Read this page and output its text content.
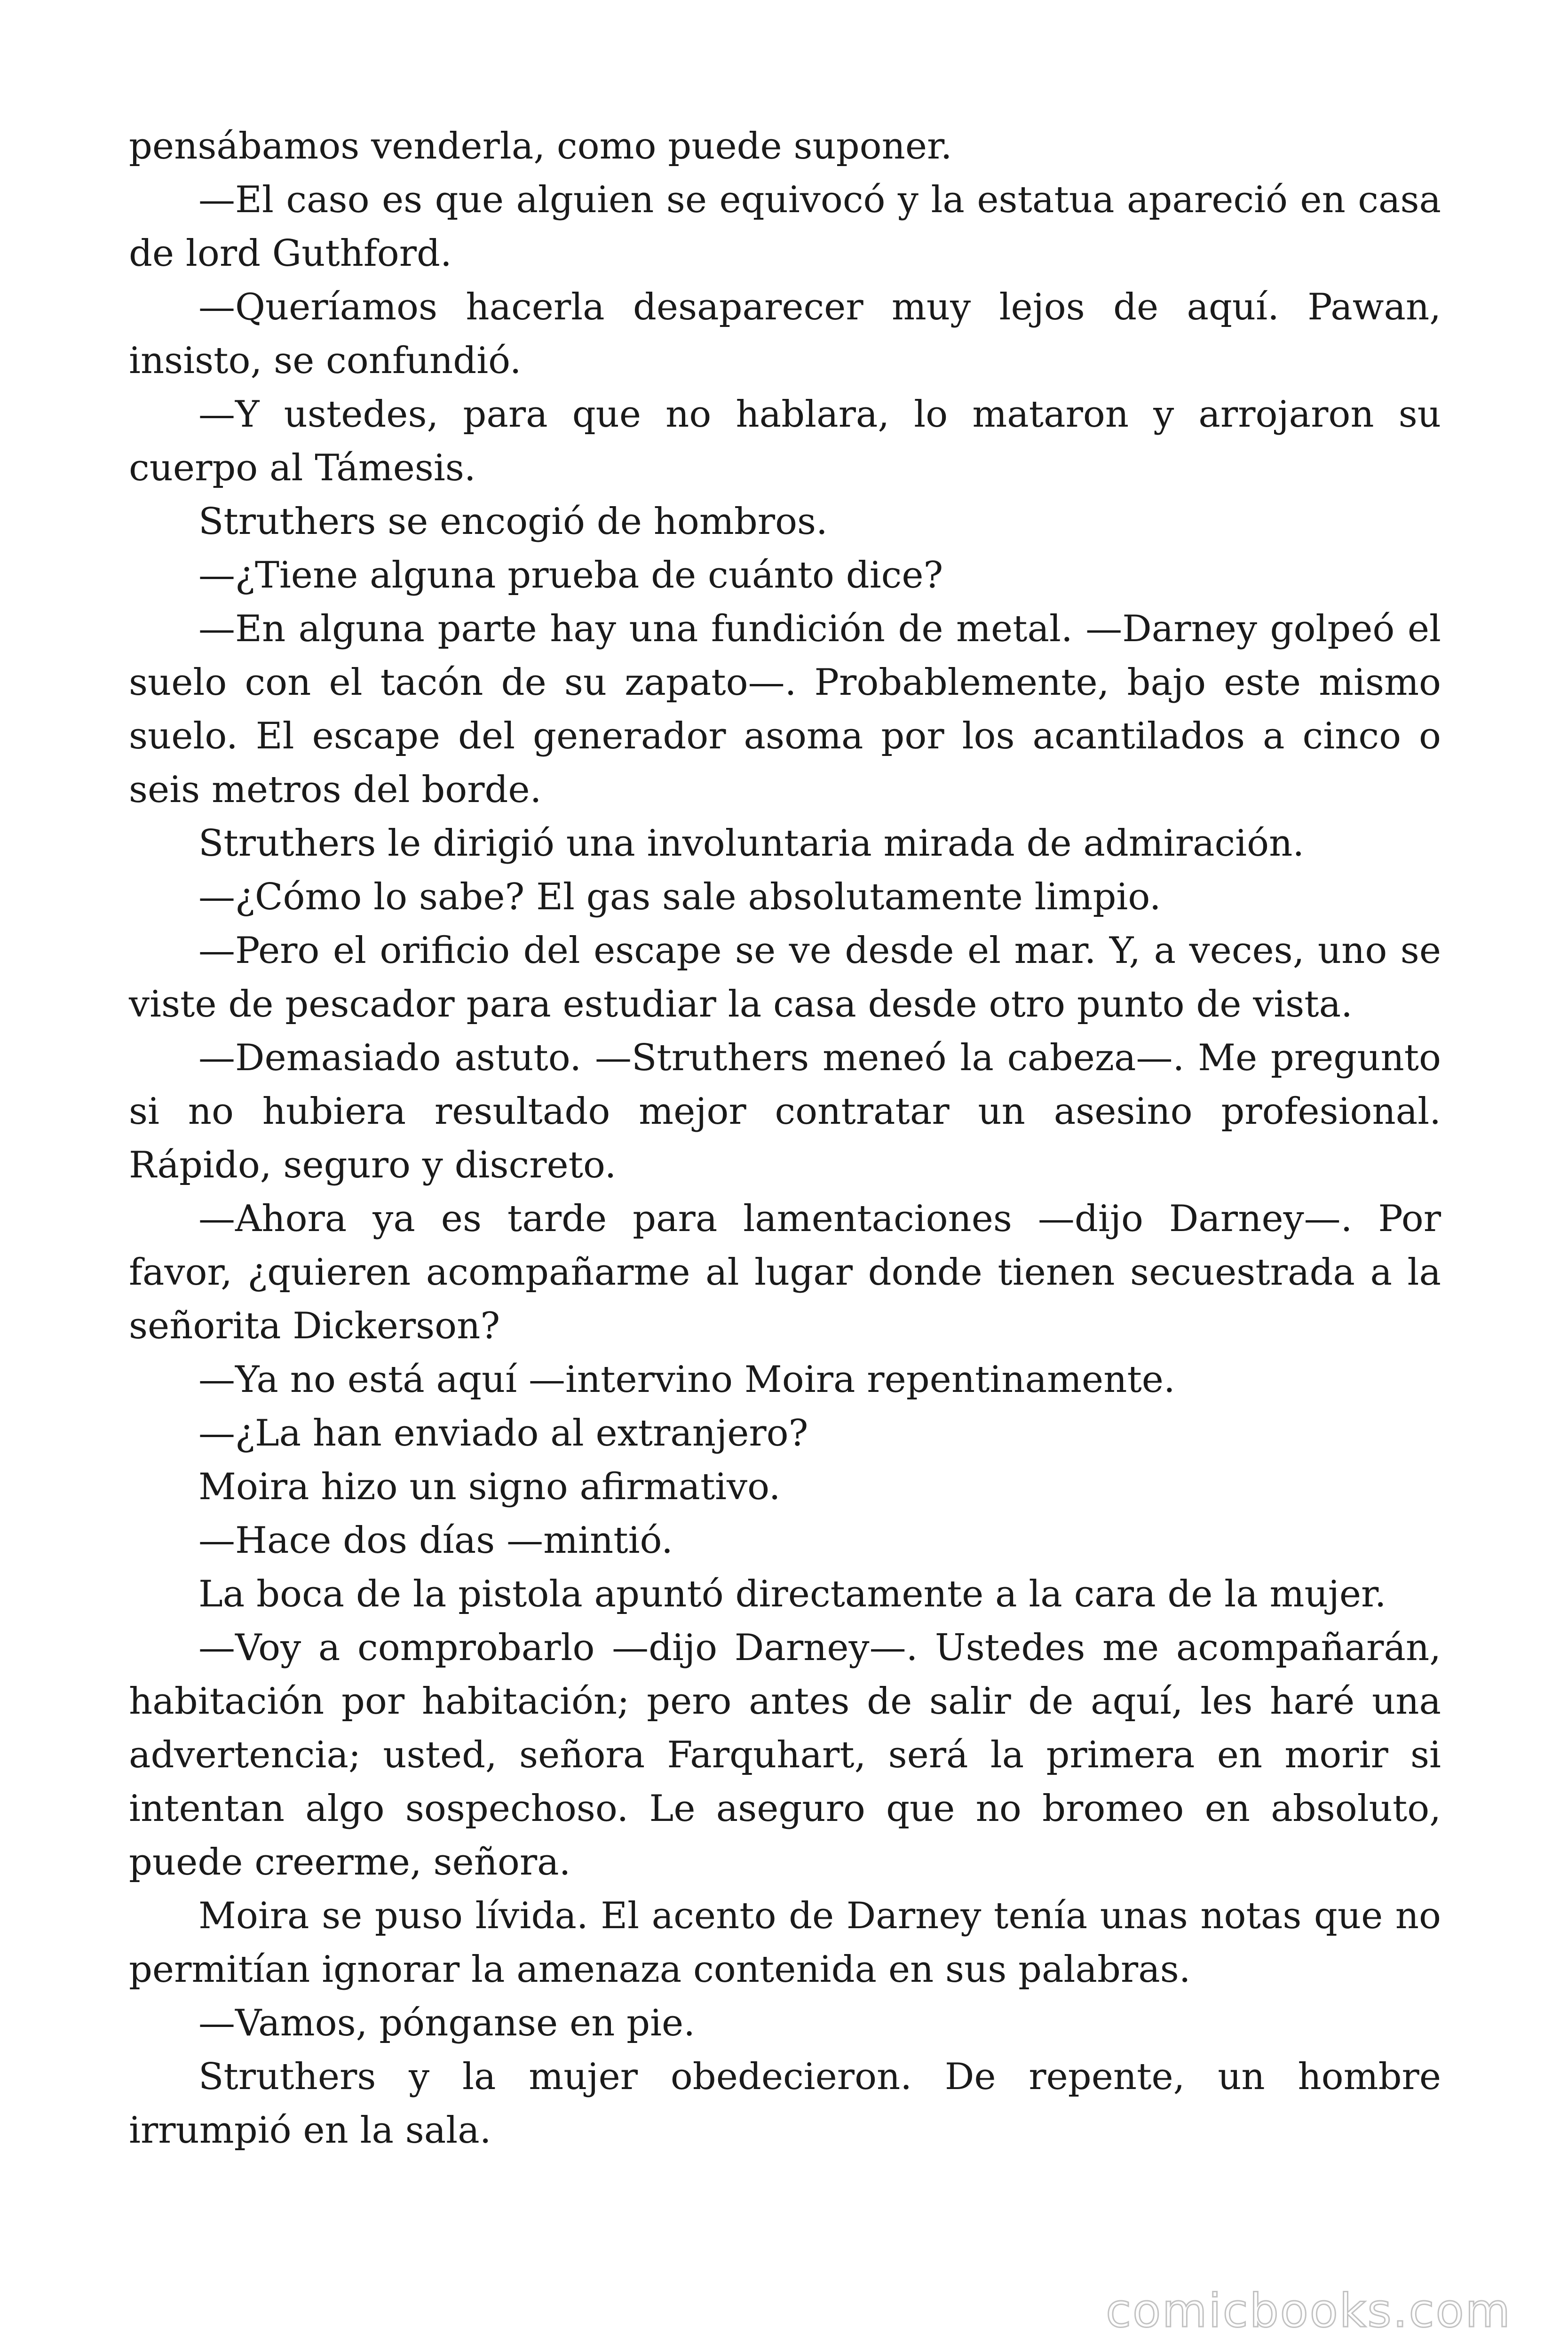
pensábamos venderla, como puede suponer.

—El caso es que alguien se equivocó y la estatua apareció en casa de lord Guthford.

—Queríamos hacerla desaparecer muy lejos de aquí. Pawan, insisto, se confundió.

—Y ustedes, para que no hablara, lo mataron y arrojaron su cuerpo al Támesis.

Struthers se encogió de hombros.

—¿Tiene alguna prueba de cuánto dice?

—En alguna parte hay una fundición de metal. —Darney golpeó el suelo con el tacón de su zapato—. Probablemente, bajo este mismo suelo. El escape del generador asoma por los acantilados a cinco o seis metros del borde.

Struthers le dirigió una involuntaria mirada de admiración.

—¿Cómo lo sabe? El gas sale absolutamente limpio.

—Pero el orificio del escape se ve desde el mar. Y, a veces, uno se viste de pescador para estudiar la casa desde otro punto de vista.

—Demasiado astuto. —Struthers meneó la cabeza—. Me pregunto si no hubiera resultado mejor contratar un asesino profesional. Rápido, seguro y discreto.

—Ahora ya es tarde para lamentaciones —dijo Darney—. Por favor, ¿quieren acompañarme al lugar donde tienen secuestrada a la señorita Dickerson?

—Ya no está aquí —intervino Moira repentinamente.

—¿La han enviado al extranjero?

Moira hizo un signo afirmativo.

—Hace dos días —mintió.

La boca de la pistola apuntó directamente a la cara de la mujer.

—Voy a comprobarlo —dijo Darney—. Ustedes me acompañarán, habitación por habitación; pero antes de salir de aquí, les haré una advertencia; usted, señora Farquhart, será la primera en morir si intentan algo sospechoso. Le aseguro que no bromeo en absoluto, puede creerme, señora.

Moira se puso lívida. El acento de Darney tenía unas notas que no permitían ignorar la amenaza contenida en sus palabras.

—Vamos, pónganse en pie.

Struthers y la mujer obedecieron. De repente, un hombre irrumpió en la sala.

comicbooks.com
